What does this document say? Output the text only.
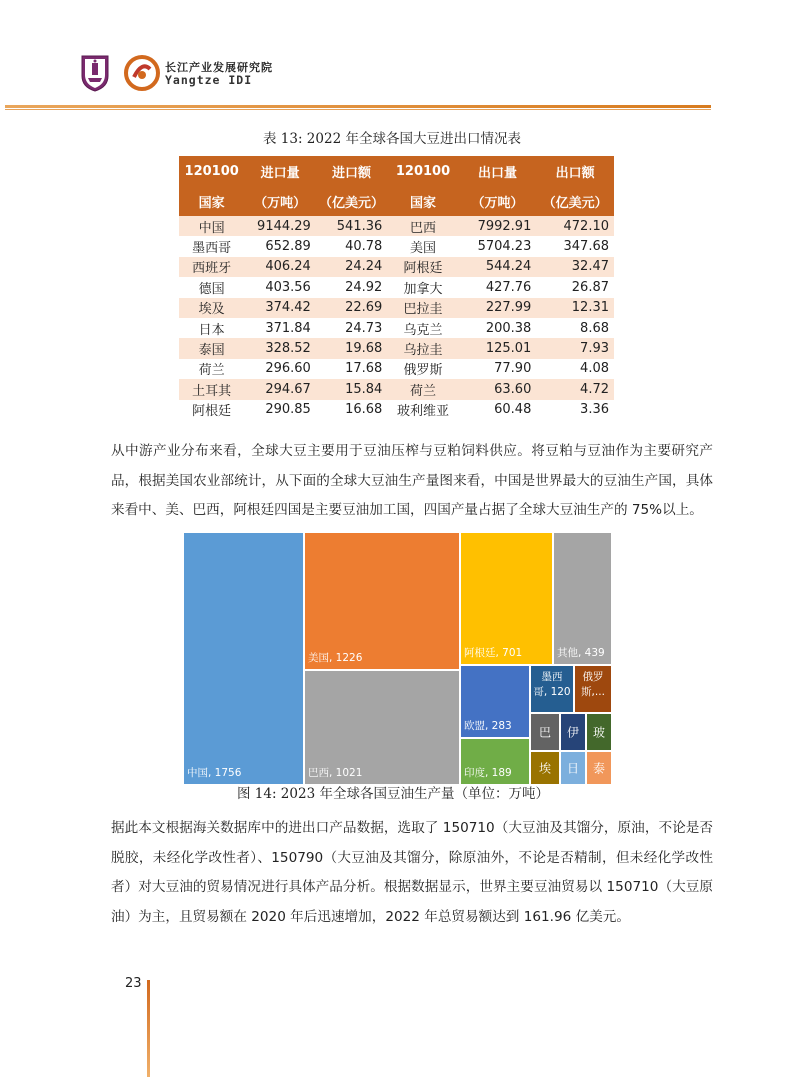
长江产业发展研究院
Yangtze IDI
表 13: 2022 年全球各国大豆进出口情况表
120100	进口量	进口额	120100	出口量	出口额
国家	（万吨）	（亿美元）	国家	（万吨）	（亿美元）
中国	9144.29	541.36	巴西	7992.91	472.10
墨西哥	652.89	40.78	美国	5704.23	347.68
西班牙	406.24	24.24	阿根廷	544.24	32.47
德国	403.56	24.92	加拿大	427.76	26.87
埃及	374.42	22.69	巴拉圭	227.99	12.31
日本	371.84	24.73	乌克兰	200.38	8.68
泰国	328.52	19.68	乌拉圭	125.01	7.93
荷兰	296.60	17.68	俄罗斯	77.90	4.08
土耳其	294.67	15.84	荷兰	63.60	4.72
阿根廷	290.85	16.68	玻利维亚	60.48	3.36

从中游产业分布来看，全球大豆主要用于豆油压榨与豆粕饲料供应。将豆粕与豆油作为主要研究产品，根据美国农业部统计，从下面的全球大豆油生产量图来看，中国是世界最大的豆油生产国，具体来看中、美、巴西，阿根廷四国是主要豆油加工国，四国产量占据了全球大豆油生产的 75%以上。

中国, 1756
美国, 1226
巴西, 1021
阿根廷, 701	其他, 439
欧盟, 283
印度, 189
墨西
哥, 120
俄罗
斯,...
巴	伊	玻
埃	日	泰
图 14: 2023 年全球各国豆油生产量（单位：万吨）

据此本文根据海关数据库中的进出口产品数据，选取了 150710（大豆油及其馏分，原油，不论是否脱胶，未经化学改性者）、150790（大豆油及其馏分，除原油外，不论是否精制，但未经化学改性者）对大豆油的贸易情况进行具体产品分析。根据数据显示，世界主要豆油贸易以 150710（大豆原油）为主，且贸易额在 2020 年后迅速增加，2022 年总贸易额达到 161.96 亿美元。

23
